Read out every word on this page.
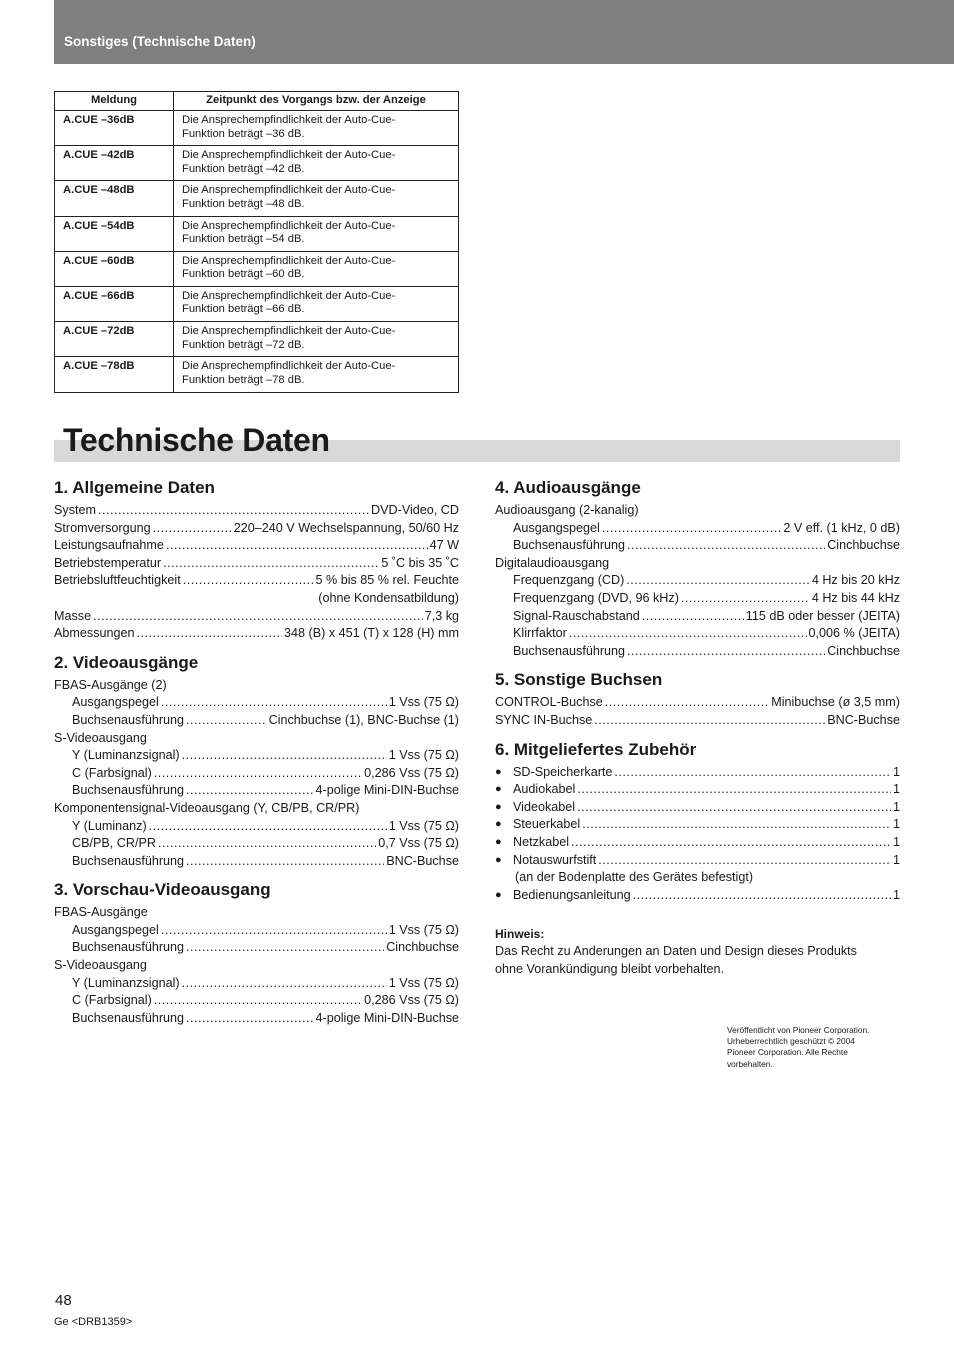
Sonstiges (Technische Daten)
Meldung	Zeitpunkt des Vorgangs bzw. der Anzeige
A.CUE –36dB	Die Ansprechempfindlichkeit der Auto-Cue-
Funktion beträgt –36 dB.

A.CUE –42dB	Die Ansprechempfindlichkeit der Auto-Cue-
Funktion beträgt –42 dB.

A.CUE –48dB	Die Ansprechempfindlichkeit der Auto-Cue-
Funktion beträgt –48 dB.

A.CUE –54dB	Die Ansprechempfindlichkeit der Auto-Cue-
Funktion beträgt –54 dB.

A.CUE –60dB	Die Ansprechempfindlichkeit der Auto-Cue-
Funktion beträgt –60 dB.

A.CUE –66dB	Die Ansprechempfindlichkeit der Auto-Cue-
Funktion beträgt –66 dB.

A.CUE –72dB	Die Ansprechempfindlichkeit der Auto-Cue-
Funktion beträgt –72 dB.

A.CUE –78dB	Die Ansprechempfindlichkeit der Auto-Cue-
Funktion beträgt –78 dB.
Technische Daten
1. Allgemeine Daten
System .....	DVD-Video, CD
Stromversorgung .....	220–240 V Wechselspannung, 50/60 Hz
Leistungsaufnahme .....	47 W
Betriebstemperatur .....	5 ˚C bis 35 ˚C
Betriebsluftfeuchtigkeit .....	5 % bis 85 % rel. Feuchte
(ohne Kondensatbildung)
Masse .....	7,3 kg
Abmessungen .....	348 (B) x 451 (T) x 128 (H) mm
2. Videoausgänge
FBAS-Ausgänge (2)
Ausgangspegel .....	1 Vss (75 Ω)
Buchsenausführung .....	Cinchbuchse (1), BNC-Buchse (1)
S-Videoausgang
Y (Luminanzsignal) .....	1 Vss (75 Ω)
C (Farbsignal) .....	0,286 Vss (75 Ω)
Buchsenausführung .....	4-polige Mini-DIN-Buchse
Komponentensignal-Videoausgang (Y, CB/PB, CR/PR)
Y (Luminanz) .....	1 Vss (75 Ω)
CB/PB, CR/PR .....	0,7 Vss (75 Ω)
Buchsenausführung .....	BNC-Buchse
3. Vorschau-Videoausgang
FBAS-Ausgänge
Ausgangspegel .....	1 Vss (75 Ω)
Buchsenausführung .....	Cinchbuchse
S-Videoausgang
Y (Luminanzsignal) .....	1 Vss (75 Ω)
C (Farbsignal) .....	0,286 Vss (75 Ω)
Buchsenausführung .....	4-polige Mini-DIN-Buchse
4. Audioausgänge
Audioausgang (2-kanalig)
Ausgangspegel .....	2 V eff. (1 kHz, 0 dB)
Buchsenausführung .....	Cinchbuchse
Digitalaudioausgang
Frequenzgang (CD) .....	4 Hz bis 20 kHz
Frequenzgang (DVD, 96 kHz) .....	4 Hz bis 44 kHz
Signal-Rauschabstand .....	115 dB oder besser (JEITA)
Klirrfaktor .....	0,006 % (JEITA)
Buchsenausführung .....	Cinchbuchse
5. Sonstige Buchsen
CONTROL-Buchse .....	Minibuchse (ø 3,5 mm)
SYNC IN-Buchse .....	BNC-Buchse
6. Mitgeliefertes Zubehör
● SD-Speicherkarte .....	1
● Audiokabel .....	1
● Videokabel .....	1
● Steuerkabel .....	1
● Netzkabel .....	1
● Notauswurfstift .....	1
(an der Bodenplatte des Gerätes befestigt)
● Bedienungsanleitung .....	1
Hinweis:
Das Recht zu Anderungen an Daten und Design dieses Produkts
ohne Vorankündigung bleibt vorbehalten.
Veröffentlicht von Pioneer Corporation.
Urheberrechtlich geschützt © 2004
Pioneer Corporation. Alle Rechte
vorbehalten.
48
Ge <DRB1359>
